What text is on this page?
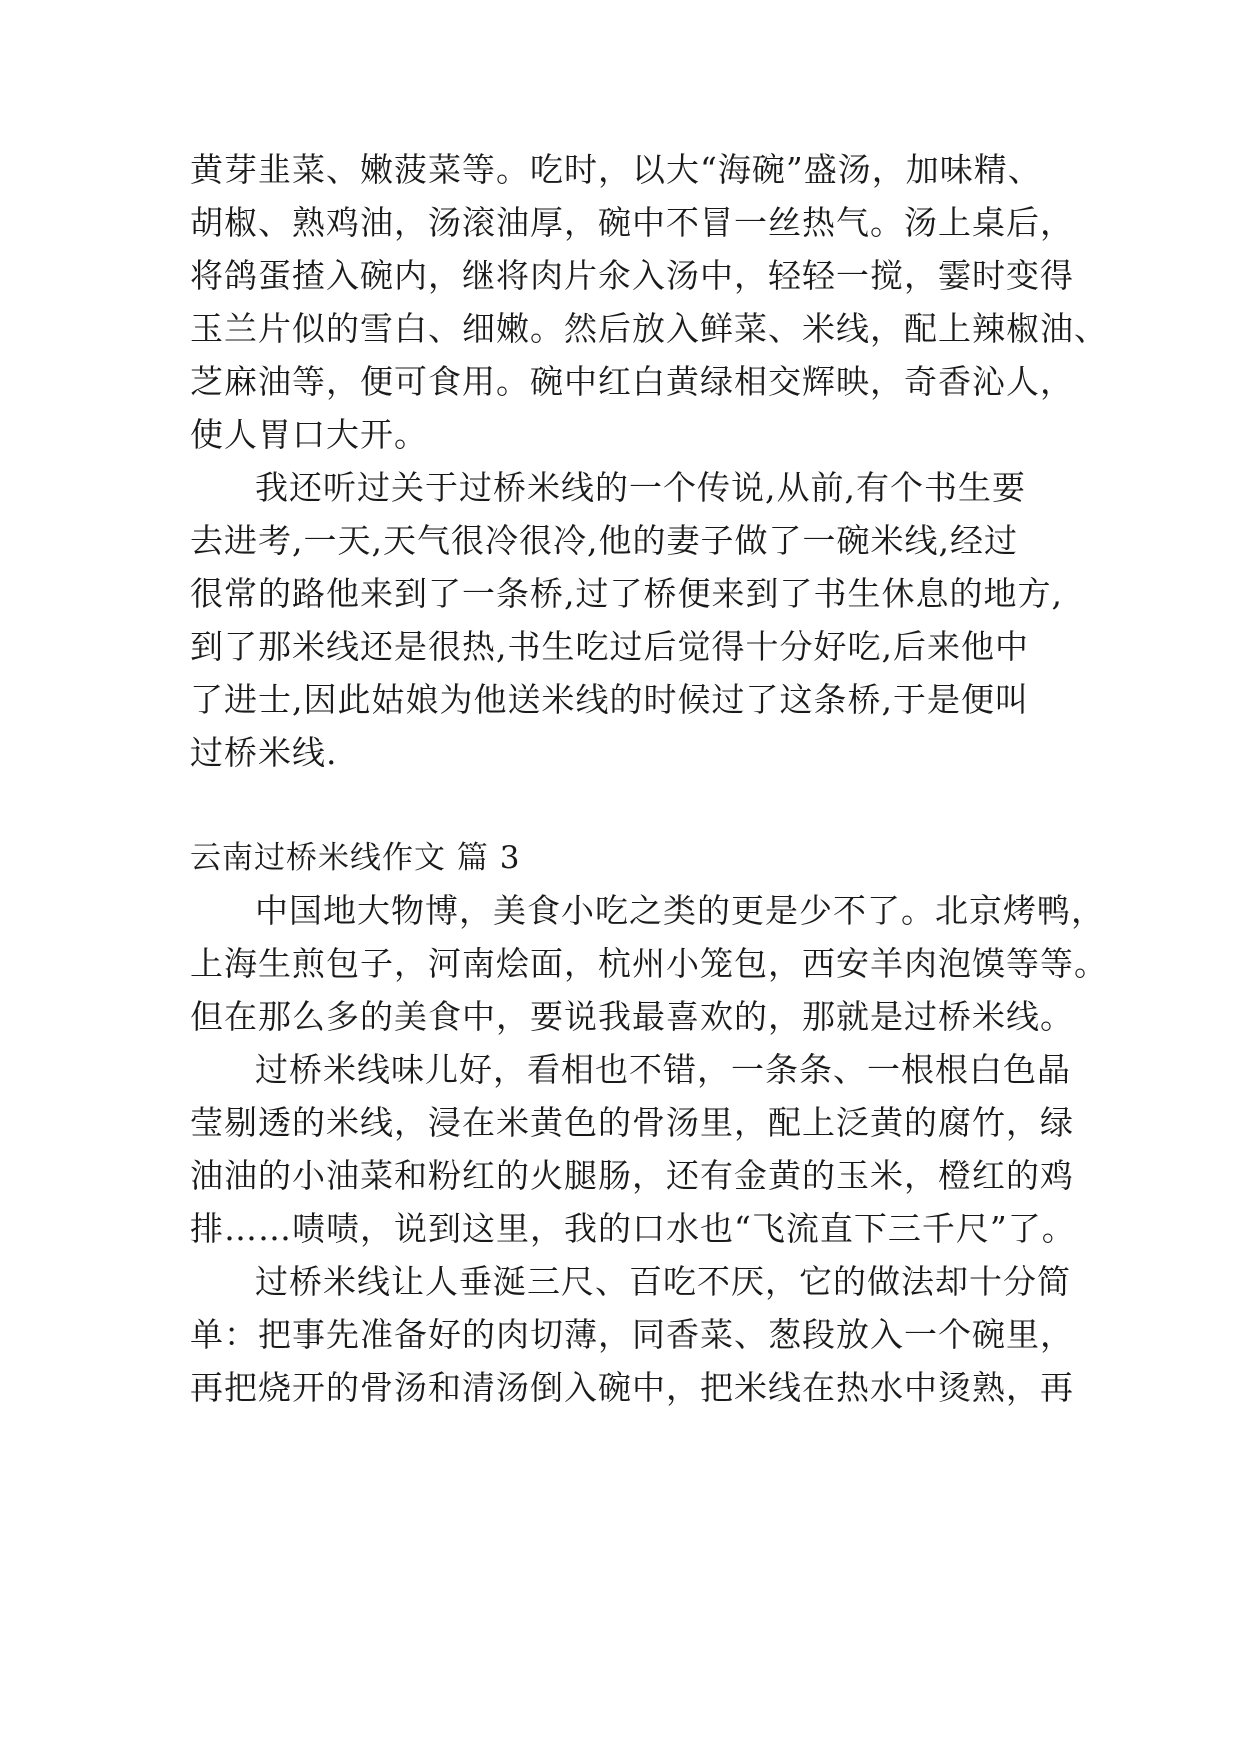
黄芽韭菜、嫩菠菜等。吃时，以大“海碗”盛汤，加味精、
胡椒、熟鸡油，汤滚油厚，碗中不冒一丝热气。汤上桌后，
将鸽蛋揸入碗内，继将肉片氽入汤中，轻轻一搅，霎时变得
玉兰片似的雪白、细嫩。然后放入鲜菜、米线，配上辣椒油、
芝麻油等，便可食用。碗中红白黄绿相交辉映，奇香沁人，
使人胃口大开。
我还听过关于过桥米线的一个传说,从前,有个书生要
去进考,一天,天气很冷很冷,他的妻子做了一碗米线,经过
很常的路他来到了一条桥,过了桥便来到了书生休息的地方,
到了那米线还是很热,书生吃过后觉得十分好吃,后来他中
了进士,因此姑娘为他送米线的时候过了这条桥,于是便叫
过桥米线.
云南过桥米线作文 篇 3
中国地大物博，美食小吃之类的更是少不了。北京烤鸭，
上海生煎包子，河南烩面，杭州小笼包，西安羊肉泡馍等等。
但在那么多的美食中，要说我最喜欢的，那就是过桥米线。
过桥米线味儿好，看相也不错，一条条、一根根白色晶
莹剔透的米线，浸在米黄色的骨汤里，配上泛黄的腐竹，绿
油油的小油菜和粉红的火腿肠，还有金黄的玉米，橙红的鸡
排……啧啧，说到这里，我的口水也“飞流直下三千尺”了。
过桥米线让人垂涎三尺、百吃不厌，它的做法却十分简
单：把事先准备好的肉切薄，同香菜、葱段放入一个碗里，
再把烧开的骨汤和清汤倒入碗中，把米线在热水中烫熟，再
